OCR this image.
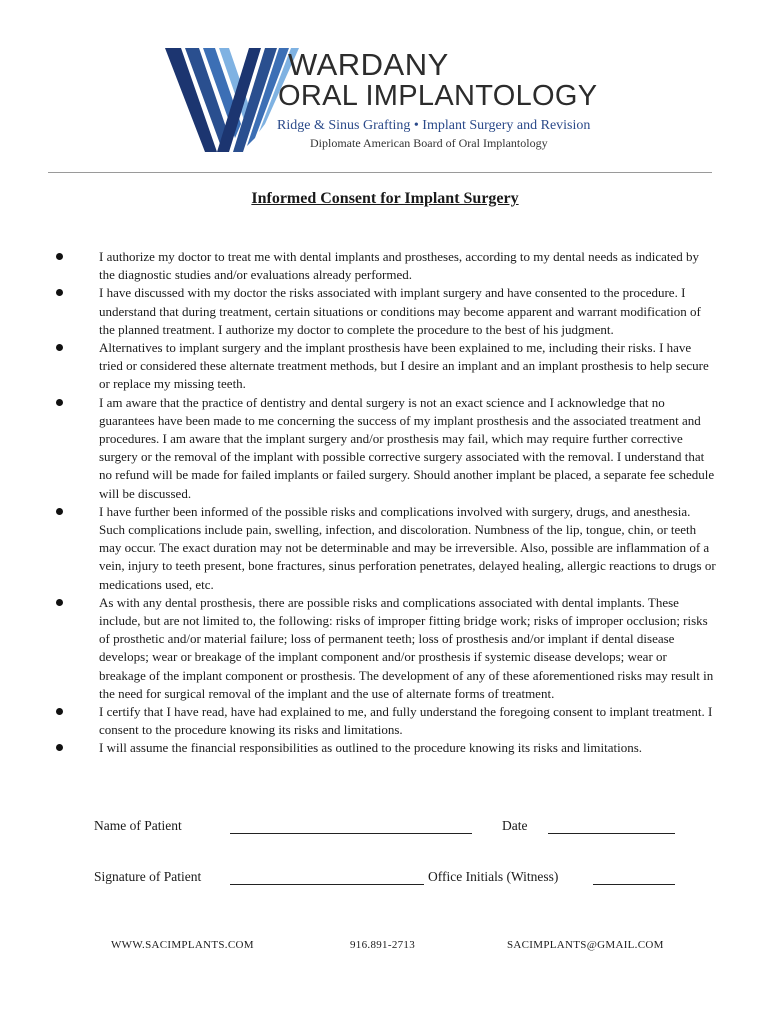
WARDANY
ORAL IMPLANTOLOGY
Ridge & Sinus Grafting • Implant Surgery and Revision
Diplomate American Board of Oral Implantology
Informed Consent for Implant Surgery
I authorize my doctor to treat me with dental implants and prostheses, according to my dental needs as indicated by the diagnostic studies and/or evaluations already performed.
I have discussed with my doctor the risks associated with implant surgery and have consented to the procedure. I understand that during treatment, certain situations or conditions may become apparent and warrant modification of the planned treatment. I authorize my doctor to complete the procedure to the best of his judgment.
Alternatives to implant surgery and the implant prosthesis have been explained to me, including their risks. I have tried or considered these alternate treatment methods, but I desire an implant and an implant prosthesis to help secure or replace my missing teeth.
I am aware that the practice of dentistry and dental surgery is not an exact science and I acknowledge that no guarantees have been made to me concerning the success of my implant prosthesis and the associated treatment and procedures. I am aware that the implant surgery and/or prosthesis may fail, which may require further corrective surgery or the removal of the implant with possible corrective surgery associated with the removal. I understand that no refund will be made for failed implants or failed surgery. Should another implant be placed, a separate fee schedule will be discussed.
I have further been informed of the possible risks and complications involved with surgery, drugs, and anesthesia. Such complications include pain, swelling, infection, and discoloration. Numbness of the lip, tongue, chin, or teeth may occur. The exact duration may not be determinable and may be irreversible. Also, possible are inflammation of a vein, injury to teeth present, bone fractures, sinus perforation penetrates, delayed healing, allergic reactions to drugs or medications used, etc.
As with any dental prosthesis, there are possible risks and complications associated with dental implants. These include, but are not limited to, the following: risks of improper fitting bridge work; risks of improper occlusion; risks of prosthetic and/or material failure; loss of permanent teeth; loss of prosthesis and/or implant if dental disease develops; wear or breakage of the implant component and/or prosthesis if systemic disease develops; wear or breakage of the implant component or prosthesis. The development of any of these aforementioned risks may result in the need for surgical removal of the implant and the use of alternate forms of treatment.
I certify that I have read, have had explained to me, and fully understand the foregoing consent to implant treatment. I consent to the procedure knowing its risks and limitations.
I will assume the financial responsibilities as outlined to the procedure knowing its risks and limitations.
Name of Patient	Date
Signature of Patient	Office Initials (Witness)
WWW.SACIMPLANTS.COM	916.891-2713	SACIMPLANTS@GMAIL.COM
